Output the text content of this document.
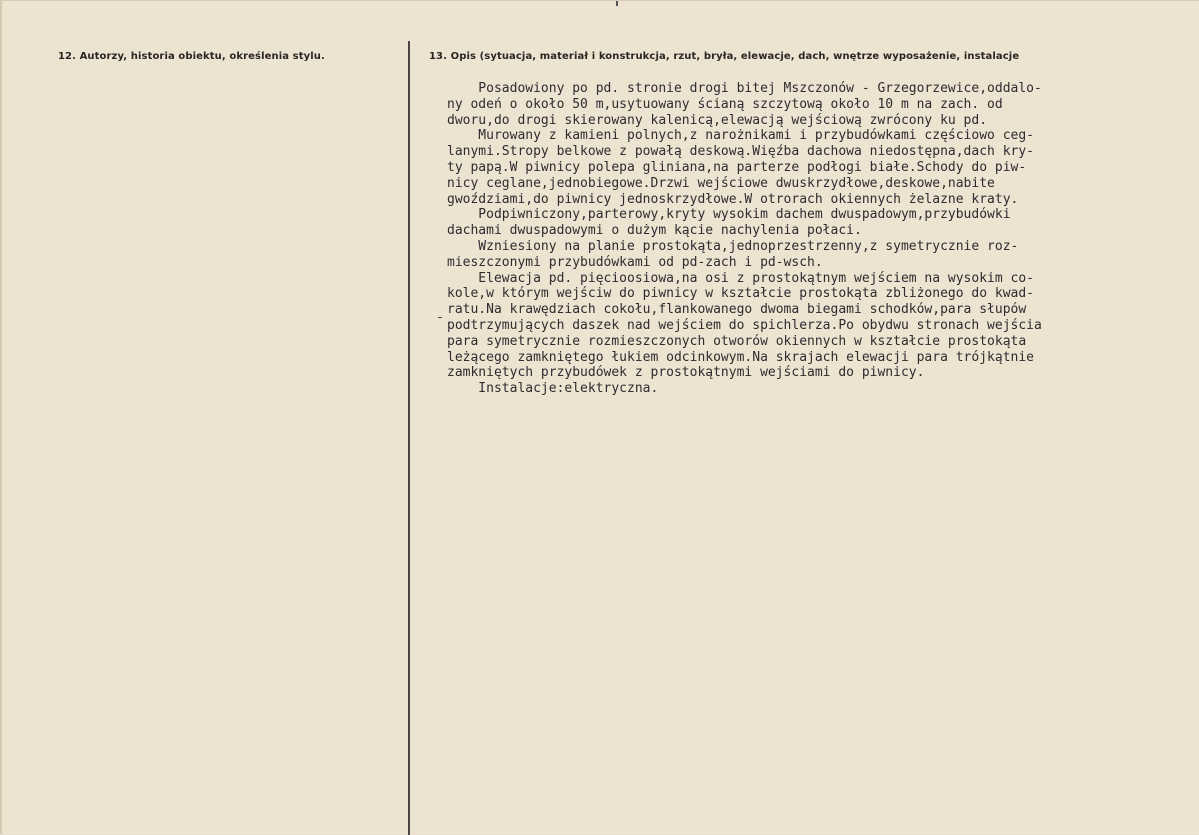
12. Autorzy, historia obiektu, określenia stylu.	13. Opis (sytuacja, materiał i konstrukcja, rzut, bryła, elewacje, dach, wnętrze wyposażenie, instalacje
Posadowiony po pd. stronie drogi bitej Mszczonów - Grzegorzewice,oddalo-
ny odeń o około 50 m,usytuowany ścianą szczytową około 10 m na zach. od
dworu,do drogi skierowany kalenicą,elewacją wejściową zwrócony ku pd.
Murowany z kamieni polnych,z narożnikami i przybudówkami częściowo ceg-
lanymi.Stropy belkowe z powałą deskową.Więźba dachowa niedostępna,dach kry-
ty papą.W piwnicy polepa gliniana,na parterze podłogi białe.Schody do piw-
nicy ceglane,jednobiegowe.Drzwi wejściowe dwuskrzydłowe,deskowe,nabite
gwoździami,do piwnicy jednoskrzydłowe.W otrorach okiennych żelazne kraty.
Podpiwniczony,parterowy,kryty wysokim dachem dwuspadowym,przybudówki
dachami dwuspadowymi o dużym kącie nachylenia połaci.
Wzniesiony na planie prostokąta,jednoprzestrzenny,z symetrycznie roz-
mieszczonymi przybudówkami od pd-zach i pd-wsch.
Elewacja pd. pięcioosiowa,na osi z prostokątnym wejściem na wysokim co-
kole,w którym wejściw do piwnicy w kształcie prostokąta zbliżonego do kwad-
ratu.Na krawędziach cokołu,flankowanego dwoma biegami schodków,para słupów
podtrzymujących daszek nad wejściem do spichlerza.Po obydwu stronach wejścia
para symetrycznie rozmieszczonych otworów okiennych w kształcie prostokąta
leżącego zamkniętego łukiem odcinkowym.Na skrajach elewacji para trójkątnie
zamkniętych przybudówek z prostokątnymi wejściami do piwnicy.
Instalacje:elektryczna.
